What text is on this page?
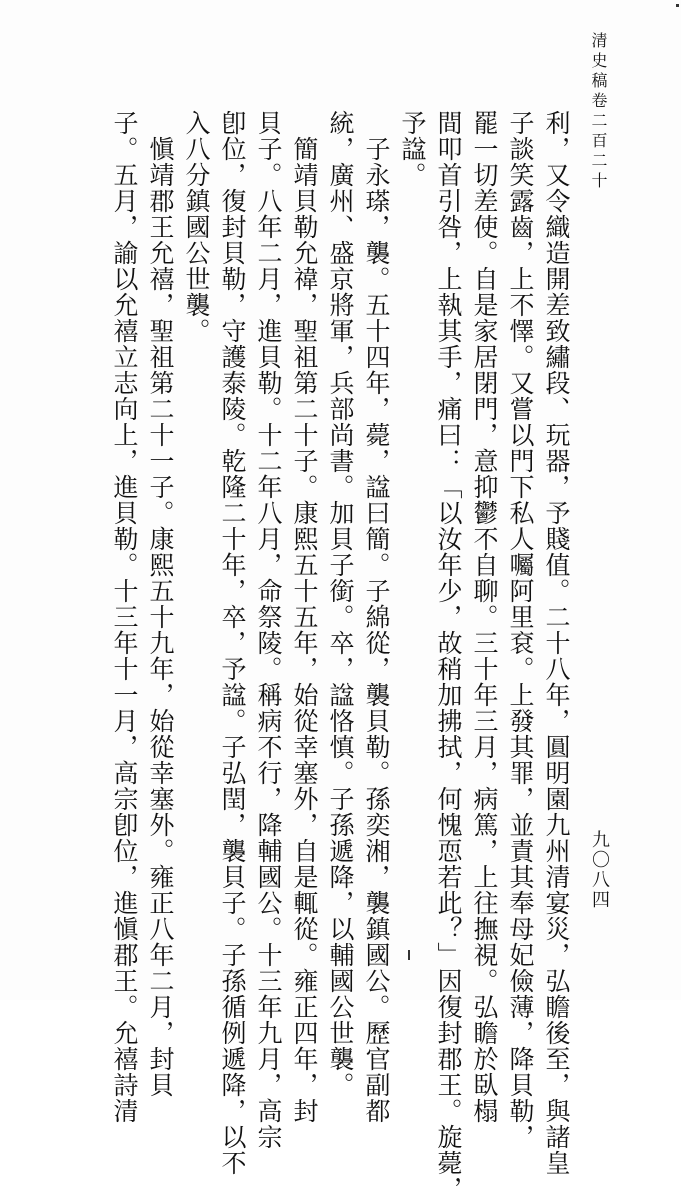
清史稿卷二百二十
九〇八四
利，又令織造開差致繡段、玩器，予賤值。二十八年，圓明園九州清宴災，弘瞻後至，與諸皇
子談笑露齒，上不懌。又嘗以門下私人囑阿里袞。上發其罪，並責其奉母妃儉薄，降貝勒，
罷一切差使。自是家居閉門，意抑鬱不自聊。三十年三月，病篤，上往撫視。弘瞻於臥榻
間叩首引咎，上執其手，痛曰：「以汝年少，故稍加拂拭，何愧恧若此？」因復封郡王。旋薨，
予諡。
　子永瑹，襲。五十四年，薨，諡曰簡。子綿從，襲貝勒。孫奕湘，襲鎮國公。歷官副都
統，廣州、盛京將軍，兵部尚書。加貝子銜。卒，諡恪慎。子孫遞降，以輔國公世襲。
　簡靖貝勒允禕，聖祖第二十子。康熙五十五年，始從幸塞外，自是輒從。雍正四年，封
貝子。八年二月，進貝勒。十二年八月，命祭陵。稱病不行，降輔國公。十三年九月，高宗
卽位，復封貝勒，守護泰陵。乾隆二十年，卒，予諡。子弘閏，襲貝子。子孫循例遞降，以不
入八分鎮國公世襲。
　愼靖郡王允禧，聖祖第二十一子。康熙五十九年，始從幸塞外。雍正八年二月，封貝
子。五月，諭以允禧立志向上，進貝勒。十三年十一月，高宗卽位，進愼郡王。允禧詩清
